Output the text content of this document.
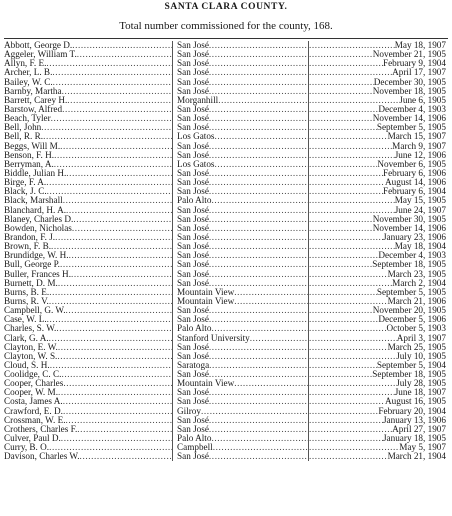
SANTA CLARA COUNTY.
Total number commissioned for the county, 168.
Abbott, George D. .....	San José .....	May 18, 1907
.....
Aggeler, William T. .....	San José .....	November 21, 1905
.....
Allyn, F. E. .....	San José .....	February 9, 1904
.....
Archer, L. B. .....	San José .....	April 17, 1907
.....
Bailey, W. C. .....	San José .....	December 30, 1905
.....
Barnby, Martha .....	San José .....	November 18, 1905
.....
Barrett, Carey H. .....	Morganhill .....	June 6, 1905
.....
Barstow, Alfred .....	San José .....	December 4, 1903
.....
Beach, Tyler .....	San José .....	November 14, 1906
.....
Bell, John .....	San José .....	September 5, 1905
.....
Bell, R. R. .....	Los Gatos .....	March 15, 1907
.....
Beggs, Will M. .....	San José .....	March 9, 1907
.....
Benson, F. H. .....	San José .....	June 12, 1906
.....
Berryman, A. .....	Los Gatos .....	November 6, 1905
.....
Biddle, Julian H. .....	San José .....	February 6, 1906
.....
Birge, F. A. .....	San José .....	August 14, 1906
.....
Black, J. C. .....	San José .....	February 6, 1904
.....
Black, Marshall .....	Palo Alto .....	May 15, 1905
.....
Blanchard, H. A. .....	San José .....	June 24, 1907
.....
Blaney, Charles D. .....	San José .....	November 30, 1905
.....
Bowden, Nicholas .....	San José .....	November 14, 1906
.....
Brandon, F. J. .....	San José .....	January 23, 1906
.....
Brown, F. B. .....	San José .....	May 18, 1904
.....
Brundidge, W. H. .....	San José .....	December 4, 1903
.....
Bull, George P. .....	San José .....	September 18, 1905
.....
Buller, Frances H. .....	San José .....	March 23, 1905
.....
Burnett, D. M. .....	San José .....	March 2, 1904
.....
Burns, B. E. .....	Mountain View .....	September 5, 1905
.....
Burns, R. V. .....	Mountain View .....	March 21, 1906
.....
Campbell, G. W. .....	San José .....	November 20, 1905
.....
Case, W. L. .....	San José .....	December 5, 1906
.....
Charles, S. W. .....	Palo Alto .....	October 5, 1903
.....
Clark, G. A. .....	Stanford University .....	April 3, 1907
.....
Clayton, E. W. .....	San José .....	March 25, 1905
.....
Clayton, W. S. .....	San José .....	July 10, 1905
.....
Cloud, S. H. .....	Saratoga .....	September 5, 1904
.....
Coolidge, C. C. .....	San José .....	September 18, 1905
.....
Cooper, Charles .....	Mountain View .....	July 28, 1905
.....
Cooper, W. M. .....	San José .....	June 18, 1907
.....
Costa, James A. .....	San José .....	August 16, 1905
.....
Crawford, E. D. .....	Gilroy .....	February 20, 1904
.....
Crossman, W. E. .....	San José .....	January 13, 1906
.....
Crothers, Charles F. .....	San José .....	April 27, 1907
.....
Culver, Paul D. .....	Palo Alto .....	January 18, 1905
.....
Curry, B. O. .....	Campbell .....	May 5, 1907
.....
Davison, Charles W. .....	San José .....	March 21, 1904
.....
